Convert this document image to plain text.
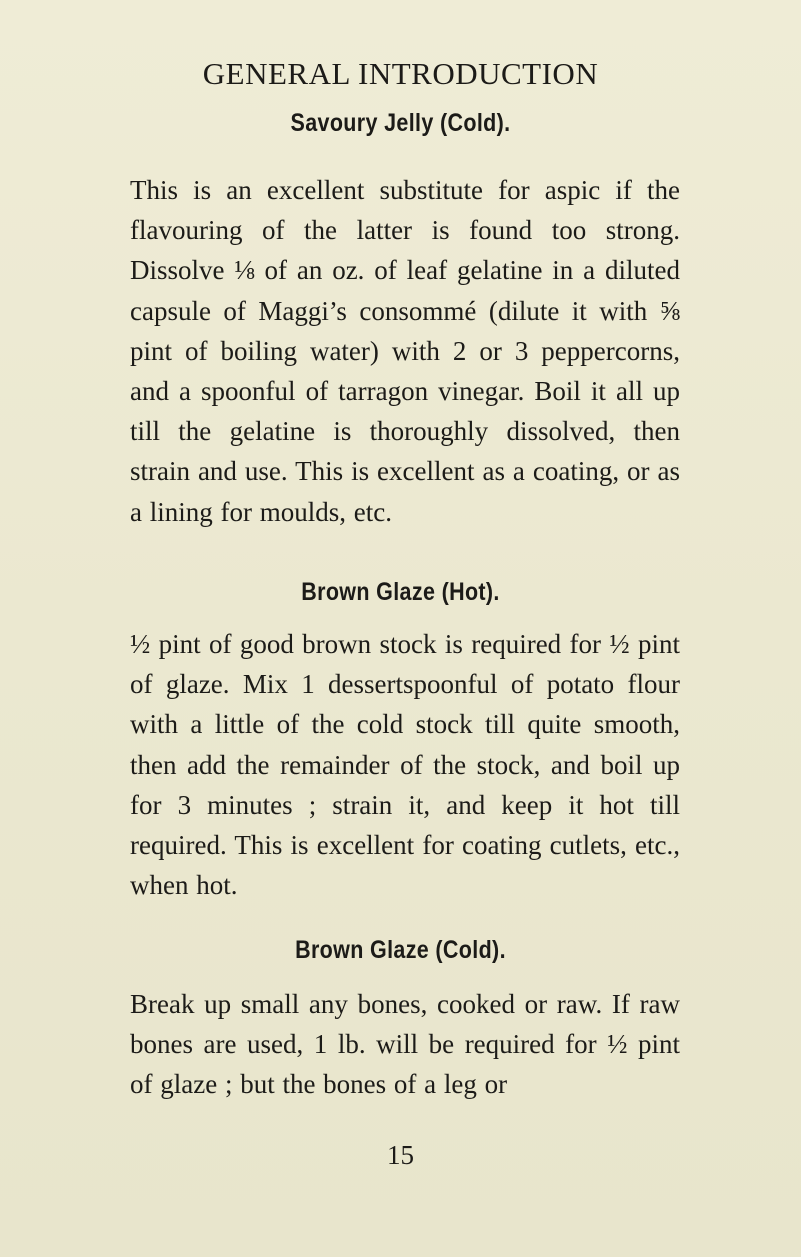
GENERAL INTRODUCTION
Savoury Jelly (Cold).

This is an excellent substitute for aspic if the flavouring of the latter is found too strong. Dissolve ⅛ of an oz. of leaf gelatine in a diluted capsule of Maggi’s consommé (dilute it with ⅝ pint of boiling water) with 2 or 3 peppercorns, and a spoonful of tarragon vinegar. Boil it all up till the gelatine is thoroughly dissolved, then strain and use. This is excellent as a coating, or as a lining for moulds, etc.

Brown Glaze (Hot).

½ pint of good brown stock is required for ½ pint of glaze. Mix 1 dessertspoonful of potato flour with a little of the cold stock till quite smooth, then add the remainder of the stock, and boil up for 3 minutes ; strain it, and keep it hot till required. This is excellent for coating cutlets, etc., when hot.

Brown Glaze (Cold).

Break up small any bones, cooked or raw. If raw bones are used, 1 lb. will be required for ½ pint of glaze ; but the bones of a leg or

15
